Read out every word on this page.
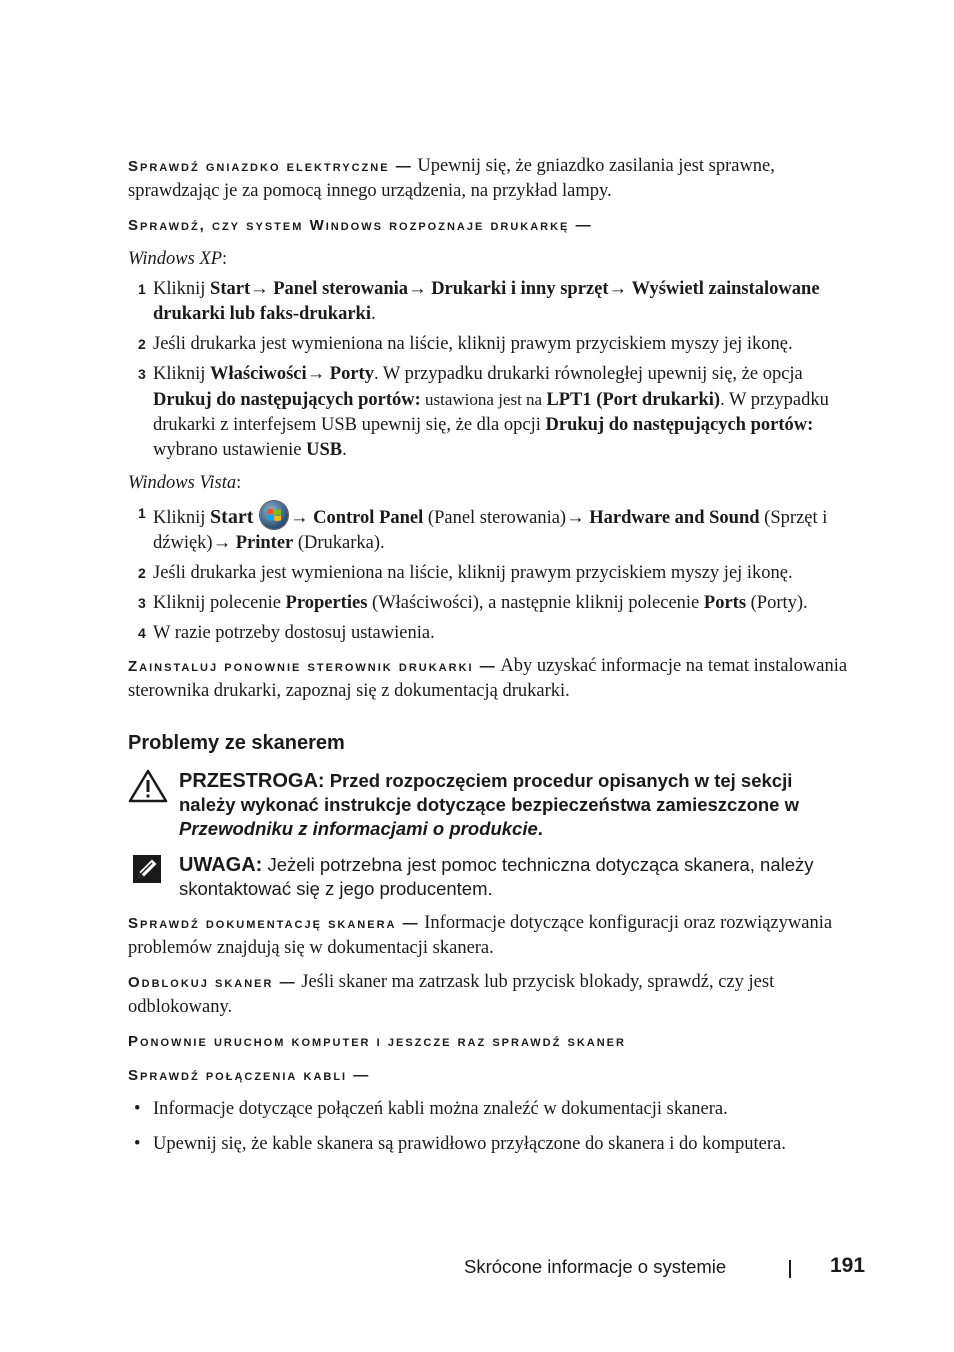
Sprawdź gniazdko elektryczne — Upewnij się, że gniazdko zasilania jest sprawne, sprawdzając je za pomocą innego urządzenia, na przykład lampy.

Sprawdź, czy system Windows rozpoznaje drukarkę —

Windows XP:

1 Kliknij Start→ Panel sterowania→ Drukarki i inny sprzęt→ Wyświetl zainstalowane drukarki lub faks-drukarki.
2 Jeśli drukarka jest wymieniona na liście, kliknij prawym przyciskiem myszy jej ikonę.
3 Kliknij Właściwości→ Porty. W przypadku drukarki równoległej upewnij się, że opcja Drukuj do następujących portów: ustawiona jest na LPT1 (Port drukarki). W przypadku drukarki z interfejsem USB upewnij się, że dla opcji Drukuj do następujących portów: wybrano ustawienie USB.

Windows Vista:

1 Kliknij Start → Control Panel (Panel sterowania)→ Hardware and Sound (Sprzęt i dźwięk)→ Printer (Drukarka).
2 Jeśli drukarka jest wymieniona na liście, kliknij prawym przyciskiem myszy jej ikonę.
3 Kliknij polecenie Properties (Właściwości), a następnie kliknij polecenie Ports (Porty).
4 W razie potrzeby dostosuj ustawienia.

Zainstaluj ponownie sterownik drukarki — Aby uzyskać informacje na temat instalowania sterownika drukarki, zapoznaj się z dokumentacją drukarki.

Problemy ze skanerem
PRZESTROGA: Przed rozpoczęciem procedur opisanych w tej sekcji należy wykonać instrukcje dotyczące bezpieczeństwa zamieszczone w Przewodniku z informacjami o produkcie.
UWAGA: Jeżeli potrzebna jest pomoc techniczna dotycząca skanera, należy skontaktować się z jego producentem.

Sprawdź dokumentację skanera — Informacje dotyczące konfiguracji oraz rozwiązywania problemów znajdują się w dokumentacji skanera.

Odblokuj skaner — Jeśli skaner ma zatrzask lub przycisk blokady, sprawdź, czy jest odblokowany.

Ponownie uruchom komputer i jeszcze raz sprawdź skaner

Sprawdź połączenia kabli —

• Informacje dotyczące połączeń kabli można znaleźć w dokumentacji skanera.
• Upewnij się, że kable skanera są prawidłowo przyłączone do skanera i do komputera.
Skrócone informacje o systemie	191
